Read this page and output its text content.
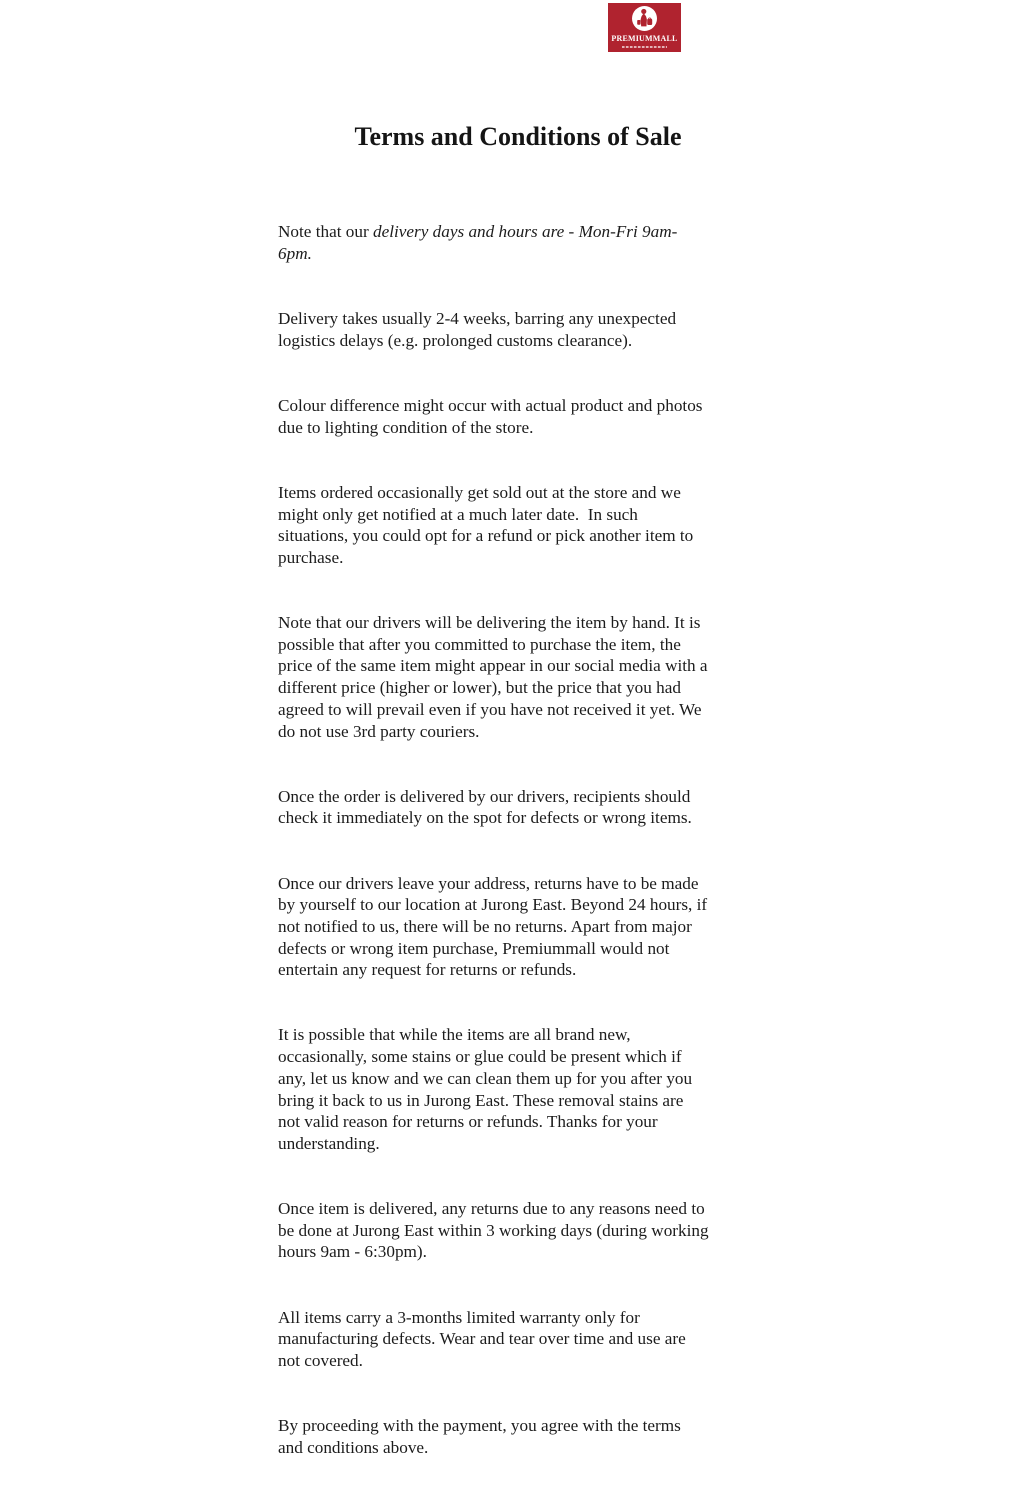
PREMIUMMALL
Terms and Conditions of Sale

Note that our delivery days and hours are - Mon-Fri 9am-
6pm.

Delivery takes usually 2-4 weeks, barring any unexpected
logistics delays (e.g. prolonged customs clearance).

Colour difference might occur with actual product and photos
due to lighting condition of the store.

Items ordered occasionally get sold out at the store and we
might only get notified at a much later date.  In such
situations, you could opt for a refund or pick another item to
purchase.

Note that our drivers will be delivering the item by hand. It is
possible that after you committed to purchase the item, the
price of the same item might appear in our social media with a
different price (higher or lower), but the price that you had
agreed to will prevail even if you have not received it yet. We
do not use 3rd party couriers.

Once the order is delivered by our drivers, recipients should
check it immediately on the spot for defects or wrong items.

Once our drivers leave your address, returns have to be made
by yourself to our location at Jurong East. Beyond 24 hours, if
not notified to us, there will be no returns. Apart from major
defects or wrong item purchase, Premiummall would not
entertain any request for returns or refunds.

It is possible that while the items are all brand new,
occasionally, some stains or glue could be present which if
any, let us know and we can clean them up for you after you
bring it back to us in Jurong East. These removal stains are
not valid reason for returns or refunds. Thanks for your
understanding.

Once item is delivered, any returns due to any reasons need to
be done at Jurong East within 3 working days (during working
hours 9am - 6:30pm).

All items carry a 3-months limited warranty only for
manufacturing defects. Wear and tear over time and use are
not covered.

By proceeding with the payment, you agree with the terms
and conditions above.
